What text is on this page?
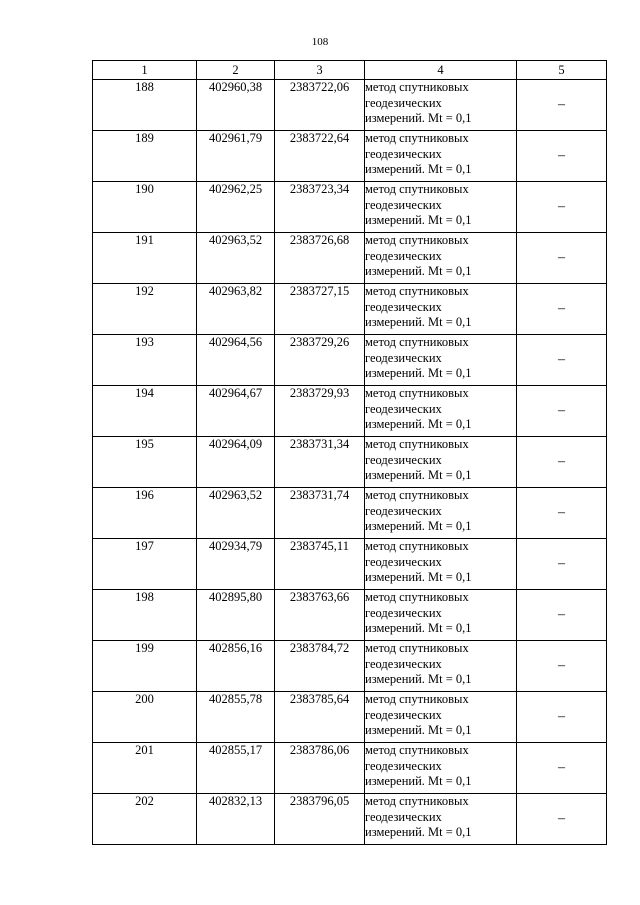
108
1	2	3	4	5
188	402960,38	2383722,06	метод спутниковых
геодезических
измерений. Mt = 0,1	–
189	402961,79	2383722,64	метод спутниковых
геодезических
измерений. Mt = 0,1	–
190	402962,25	2383723,34	метод спутниковых
геодезических
измерений. Mt = 0,1	–
191	402963,52	2383726,68	метод спутниковых
геодезических
измерений. Mt = 0,1	–
192	402963,82	2383727,15	метод спутниковых
геодезических
измерений. Mt = 0,1	–
193	402964,56	2383729,26	метод спутниковых
геодезических
измерений. Mt = 0,1	–
194	402964,67	2383729,93	метод спутниковых
геодезических
измерений. Mt = 0,1	–
195	402964,09	2383731,34	метод спутниковых
геодезических
измерений. Mt = 0,1	–
196	402963,52	2383731,74	метод спутниковых
геодезических
измерений. Mt = 0,1	–
197	402934,79	2383745,11	метод спутниковых
геодезических
измерений. Mt = 0,1	–
198	402895,80	2383763,66	метод спутниковых
геодезических
измерений. Mt = 0,1	–
199	402856,16	2383784,72	метод спутниковых
геодезических
измерений. Mt = 0,1	–
200	402855,78	2383785,64	метод спутниковых
геодезических
измерений. Mt = 0,1	–
201	402855,17	2383786,06	метод спутниковых
геодезических
измерений. Mt = 0,1	–
202	402832,13	2383796,05	метод спутниковых
геодезических
измерений. Mt = 0,1	–
